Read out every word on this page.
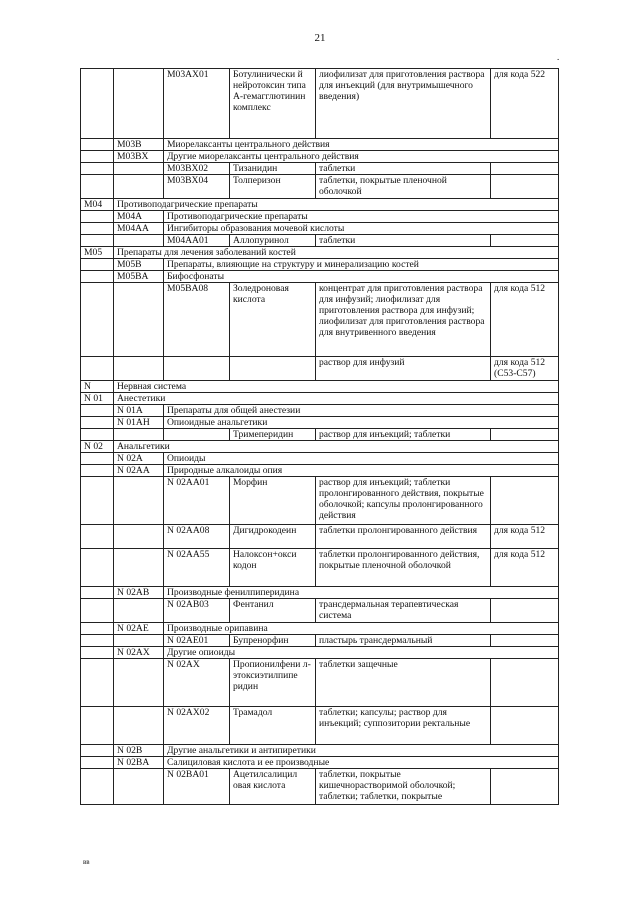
21
.
		M03AX01	Ботулинически й нейротоксин типа А-гемагглютинин комплекс	лиофилизат для приготовления раствора для инъекций (для внутримышечного введения)	для кода 522
	M03B	Миорелаксанты центрального действия			
	M03BX	Другие миорелаксанты центрального действия			
		M03BX02	Тизанидин	таблетки	
		M03BX04	Толперизон	таблетки, покрытые пленочной оболочкой	
M04	Противоподагрические препараты				
	M04A	Противоподагрические препараты			
	M04AA	Ингибиторы образования мочевой кислоты			
		M04AA01	Аллопуринол	таблетки	
M05	Препараты для лечения заболеваний костей				
	M05B	Препараты, влияющие на структуру и минерализацию костей			
	M05BA	Бифосфонаты			
		M05BA08	Золедроновая кислота	концентрат для приготовления раствора для инфузий; лиофилизат для приготовления раствора для инфузий; лиофилизат для приготовления раствора для внутривенного введения	для кода 512
				раствор для инфузий	для кода 512 (C53-C57)
N	Нервная система				
N 01	Анестетики				
	N 01A	Препараты для общей анестезии			
	N 01AH	Опиоидные анальгетики			
			Тримеперидин	раствор для инъекций; таблетки	
N 02	Анальгетики				
	N 02A	Опиоиды			
	N 02AA	Природные алкалоиды опия			
		N 02AA01	Морфин	раствор для инъекций; таблетки пролонгированного действия, покрытые оболочкой; капсулы пролонгированного действия	
		N 02AA08	Дигидрокодеин	таблетки пролонгированного действия	для кода 512
		N 02AA55	Налоксон+окси кодон	таблетки пролонгированного действия, покрытые пленочной оболочкой	для кода 512
	N 02AB	Производные фенилпиперидина			
		N 02AB03	Фентанил	трансдермальная терапевтическая система	
	N 02AE	Производные орипавина			
		N 02AE01	Бупренорфин	пластырь трансдермальный	
	N 02AX	Другие опиоиды			
		N 02AX	Пропионилфени л-этоксиэтилпипе ридин	таблетки защечные	
		N 02AX02	Трамадол	таблетки; капсулы; раствор для инъекций; суппозитории ректальные	
	N 02B	Другие анальгетики и антипиретики			
	N 02BA	Салициловая кислота и ее производные			
		N 02BA01	Ацетилсалицил овая кислота	таблетки, покрытые кишечнорастворимой оболочкой; таблетки; таблетки, покрытые	
вв
